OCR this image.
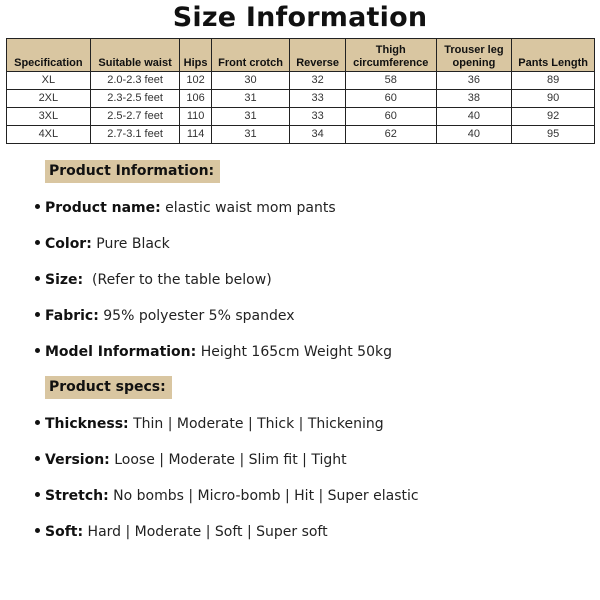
Size Information
Specification	Suitable waist	Hips	Front crotch	Reverse	Thigh circumference	Trouser leg opening	Pants Length
XL	2.0-2.3 feet	102	30	32	58	36	89
2XL	2.3-2.5 feet	106	31	33	60	38	90
3XL	2.5-2.7 feet	110	31	33	60	40	92
4XL	2.7-3.1 feet	114	31	34	62	40	95
Product Information:
Product name: elastic waist mom pants
Color: Pure Black
Size:  (Refer to the table below)
Fabric: 95% polyester 5% spandex
Model Information: Height 165cm Weight 50kg
Product specs:
Thickness: Thin | Moderate | Thick | Thickening
Version: Loose | Moderate | Slim fit | Tight
Stretch: No bombs | Micro-bomb | Hit | Super elastic
Soft: Hard | Moderate | Soft | Super soft
